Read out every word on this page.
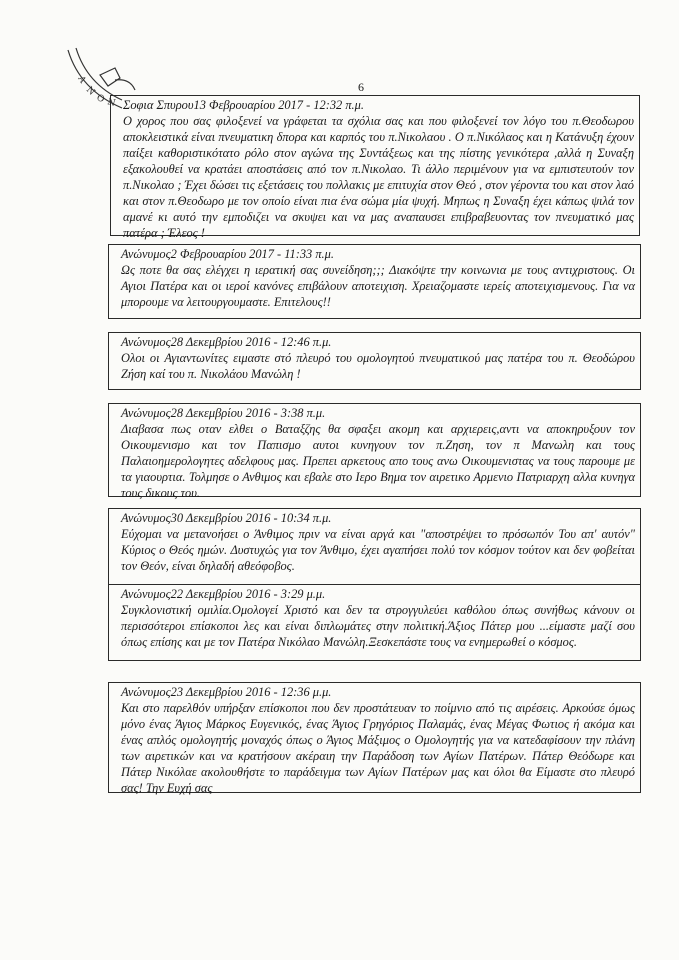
Α
Ν
Ο Ν
6
Σοφια Σπυρου13 Φεβρουαρίου 2017 - 12:32 π.μ.
Ο χορος που σας φιλοξενεί να γράφεται τα σχόλια σας και που φιλοξενεί τον λόγο του π.Θεοδωρου αποκλειστικά είναι πνευματικη δπορα και καρπός του π.Νικολαου . Ο π.Νικόλαος και η Κατάνυξη έχουν παίξει καθοριστικότατο ρόλο στον αγώνα της Συντάξεως και της πίστης γενικότερα ,αλλά η Συναξη εξακολουθεί να κρατάει αποστάσεις από τον π.Νικολαο. Τι άλλο περιμένουν για να εμπιστευτούν τον π.Νικολαο ; Έχει δώσει τις εξετάσεις του πολλακις με επιτυχία στον Θεό , στον γέροντα του και στον λαό και στον π.Θεοδωρο με τον οποίο είναι πια ένα σώμα μία ψυχή. Μηπως η Συναξη έχει κάπως ψιλά τον αμανέ κι αυτό την εμποδιζει να σκυψει και να μας αναπαυσει επιβραβευοντας τον πνευματικό μας πατέρα ; Έλεος !
Ανώνυμος2 Φεβρουαρίου 2017 - 11:33 π.μ.
Ως ποτε θα σας ελέγχει η ιερατική σας συνείδηση;;; Διακόψτε την κοινωνια με τους αντιχριστους. Οι Αγιοι Πατέρα και οι ιεροί κανόνες επιβάλουν αποτειχιση. Χρειαζομαστε ιερείς αποτειχισμενους. Για να μπορουμε να λειτουργουμαστε. Επιτελους!!
Ανώνυμος28 Δεκεμβρίου 2016 - 12:46 π.μ.
Ολοι οι Αγιαντωνίτες ειμαστε στό πλευρό του ομολογητού πνευματικού μας πατέρα του π. Θεοδώρου Ζήση καί του π. Νικολάου Μανώλη !
Ανώνυμος28 Δεκεμβρίου 2016 - 3:38 π.μ.
Διαβασα πως οταν ελθει ο Βαταξζης θα σφαξει ακομη και αρχιερεις,αντι να αποκηρυξουν τον Οικουμενισμο και τον Παπισμο αυτοι κυνηγουν τον π.Ζηση, τον π Μανωλη και τους Παλαιοημερολογητες αδελφους μας. Πρεπει αρκετους απο τους ανω Οικουμενιστας να τους παρουμε με τα γιαουρτια. Τολμησε ο Ανθιμος και εβαλε στο Ιερο Βημα τον αιρετικο Αρμενιο Πατριαρχη αλλα κυνηγα τους δικους του.
Ανώνυμος30 Δεκεμβρίου 2016 - 10:34 π.μ.
Εύχομαι να μετανοήσει ο Άνθιμος πριν να είναι αργά και "αποστρέψει το πρόσωπόν Του απ' αυτόν" Κύριος ο Θεός ημών. Δυστυχώς για τον Άνθιμο, έχει αγαπήσει πολύ τον κόσμον τούτον και δεν φοβείται τον Θεόν, είναι δηλαδή αθεόφοβος.
Ανώνυμος22 Δεκεμβρίου 2016 - 3:29 μ.μ.
Συγκλονιστική ομιλία.Ομολογεί Χριστό και δεν τα στρογγυλεύει καθόλου όπως συνήθως κάνουν οι περισσότεροι επίσκοποι λες και είναι διπλωμάτες στην πολιτική.Άξιος Πάτερ μου ...είμαστε μαζί σου όπως επίσης και με τον Πατέρα Νικόλαο Μανώλη.Ξεσκεπάστε τους να ενημερωθεί ο κόσμος.
Ανώνυμος23 Δεκεμβρίου 2016 - 12:36 μ.μ.
Και στο παρελθόν υπήρξαν επίσκοποι που δεν προστάτευαν το ποίμνιο από τις αιρέσεις. Αρκούσε όμως μόνο ένας Άγιος Μάρκος Ευγενικός, ένας Άγιος Γρηγόριος Παλαμάς, ένας Μέγας Φωτιος ή ακόμα και ένας απλός ομολογητής μοναχός όπως ο Άγιος Μάξιμος ο Ομολογητής για να κατεδαφίσουν την πλάνη των αιρετικών και να κρατήσουν ακέραιη την Παράδοση των Αγίων Πατέρων. Πάτερ Θεόδωρε και Πάτερ Νικόλαε ακολουθήστε το παράδειγμα των Αγίων Πατέρων μας και όλοι θα Είμαστε στο πλευρό σας! Την Ευχή σας
